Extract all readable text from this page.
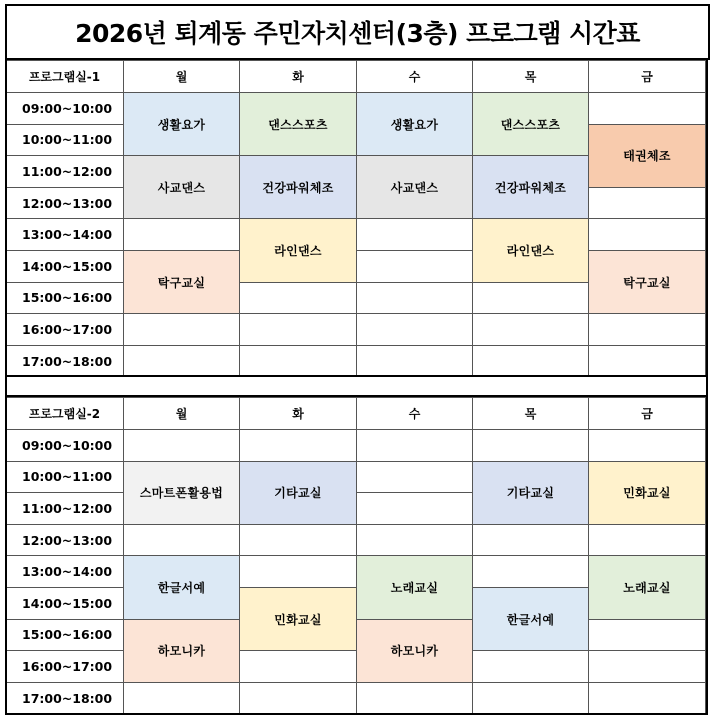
2026년 퇴계동 주민자치센터(3층) 프로그램 시간표
프로그램실-1	월	화	수	목	금
09:00~10:00	생활요가	댄스스포츠	생활요가	댄스스포츠	
10:00~11:00					태권체조
11:00~12:00	사교댄스	건강파워체조	사교댄스	건강파워체조	
12:00~13:00					
13:00~14:00		라인댄스		라인댄스	
14:00~15:00	탁구교실				탁구교실
15:00~16:00					
16:00~17:00					
17:00~18:00					
프로그램실-2	월	화	수	목	금
09:00~10:00					
10:00~11:00	스마트폰활용법	기타교실		기타교실	민화교실
11:00~12:00					
12:00~13:00					
13:00~14:00	한글서예		노래교실		노래교실
14:00~15:00		민화교실		한글서예	
15:00~16:00	하모니카		하모니카		
16:00~17:00					
17:00~18:00					
